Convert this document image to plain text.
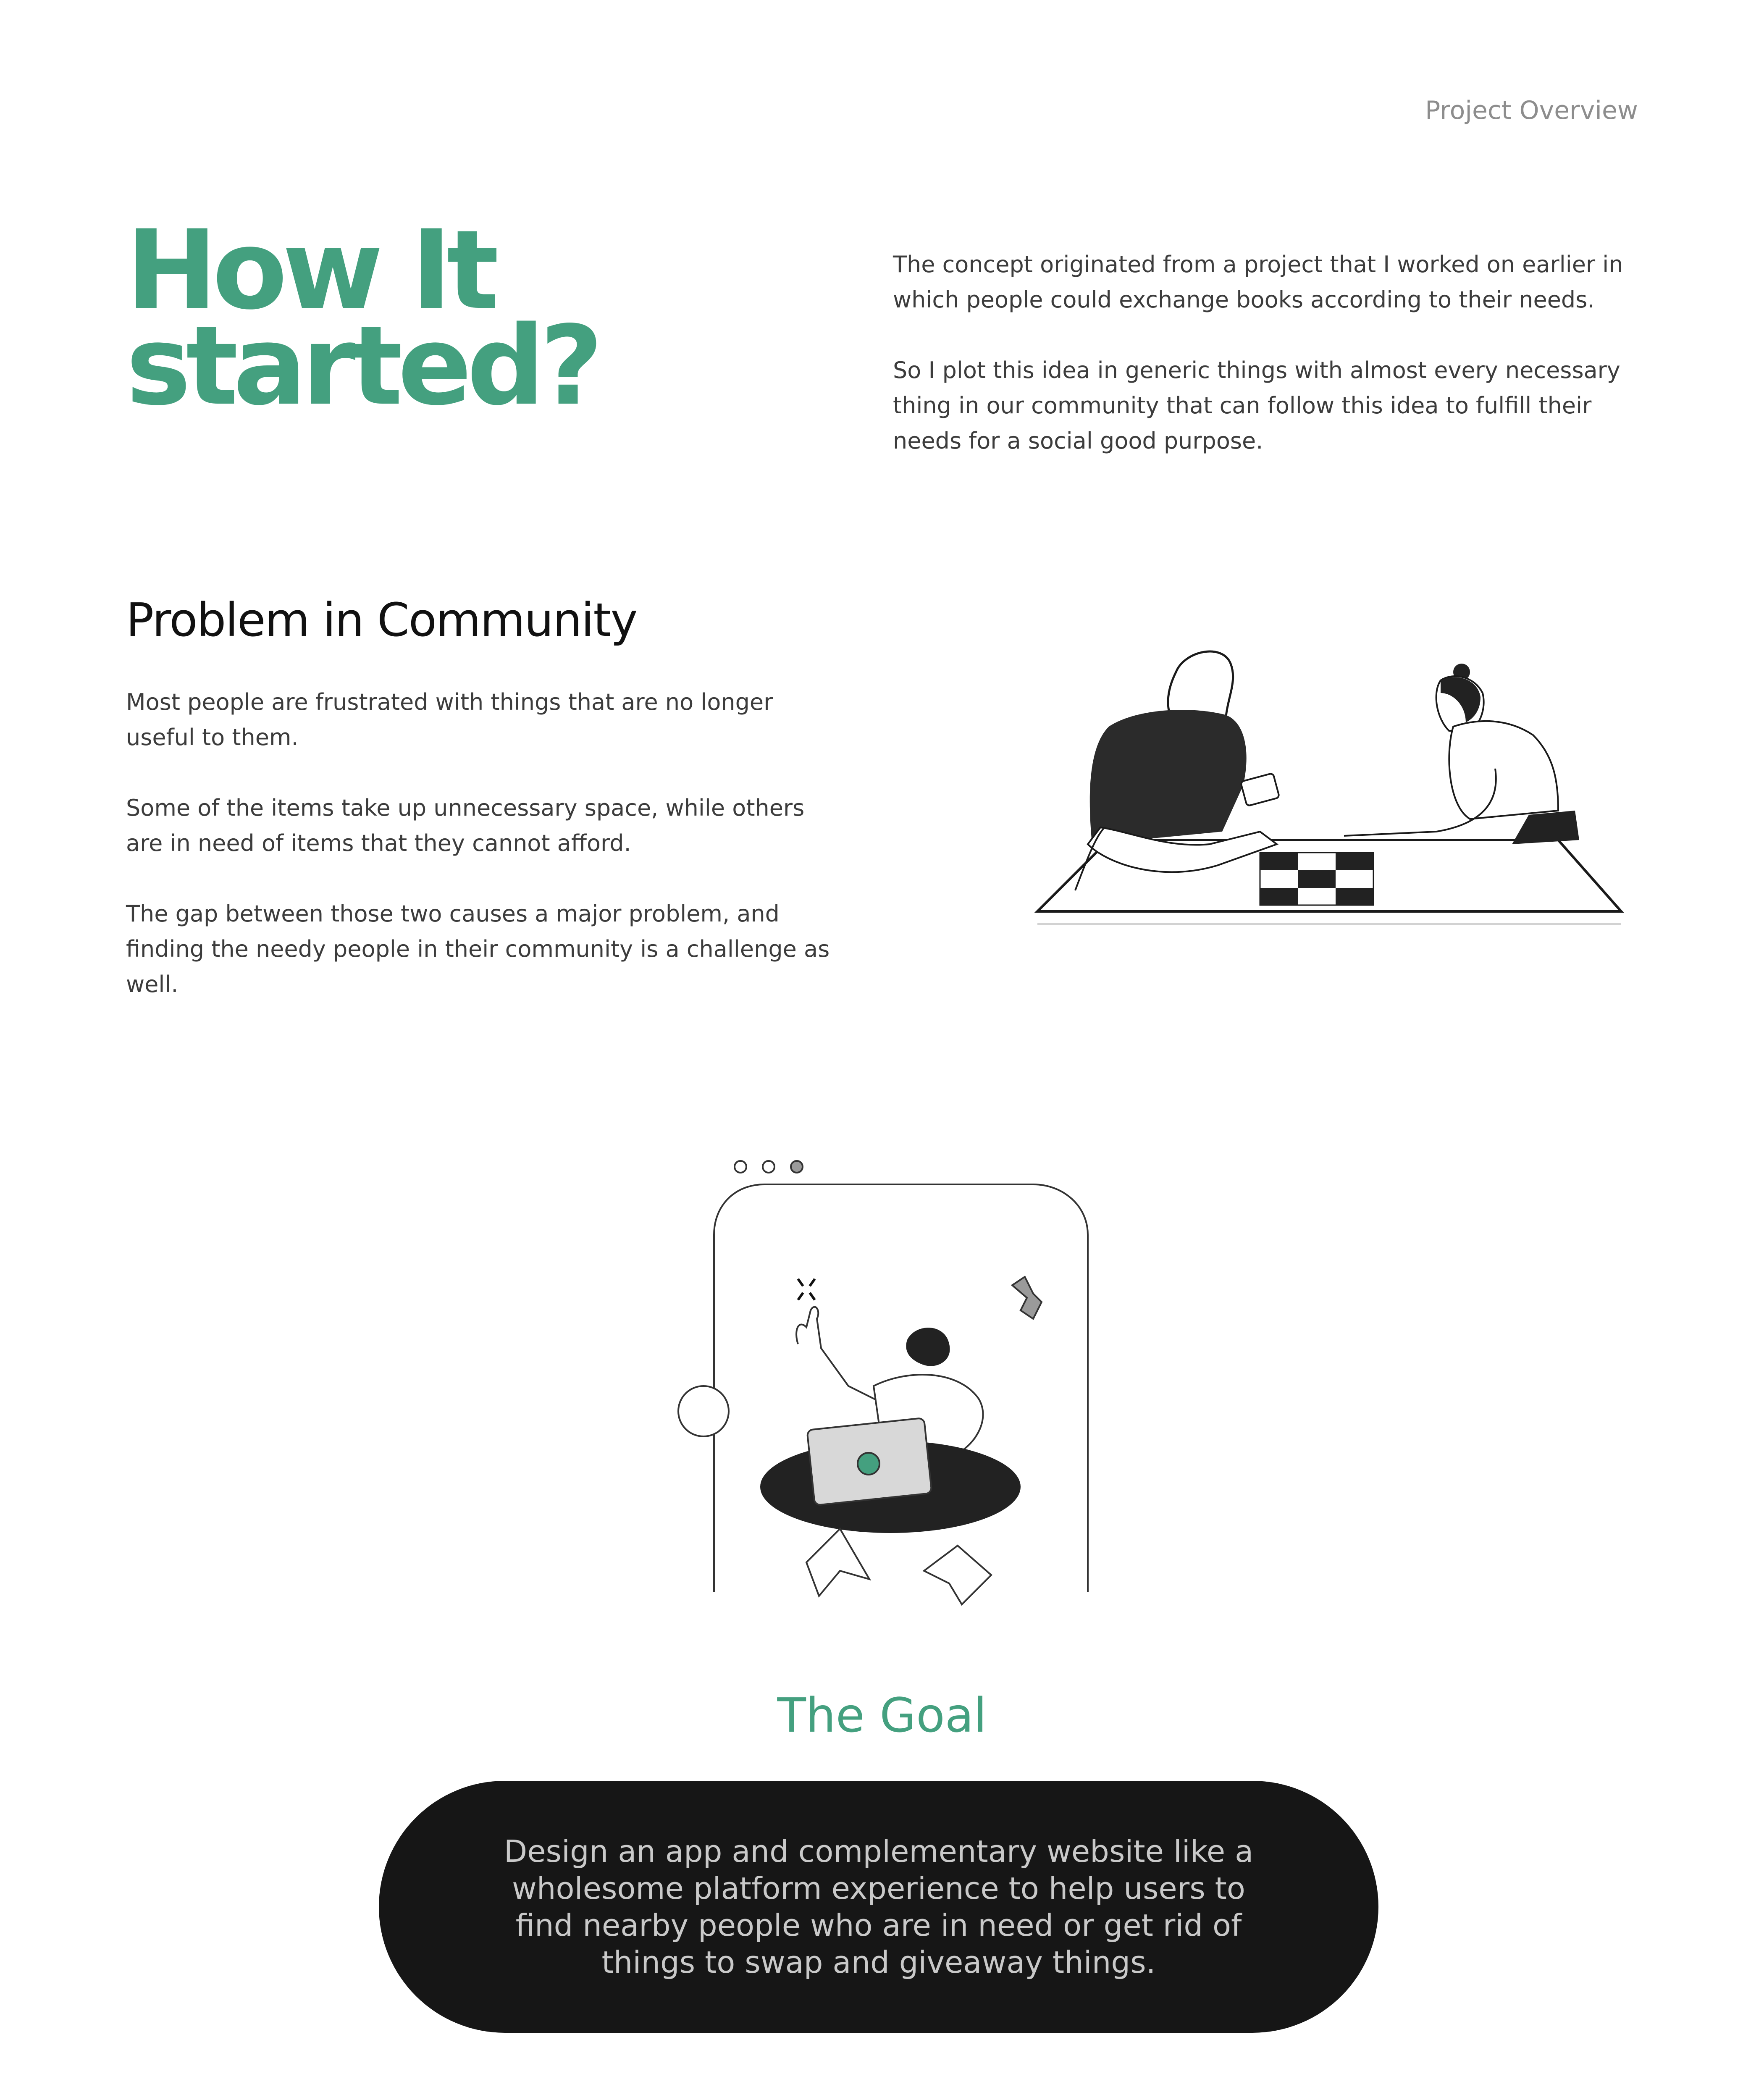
Project Overview
How It
started?

The concept originated from a project that I worked on earlier in which people could exchange books according to their needs.

So I plot this idea in generic things with almost every necessary thing in our community that can follow this idea to fulfill their needs for a social good purpose.

Problem in Community

Most people are frustrated with things that are no longer useful to them.

Some of the items take up unnecessary space, while others are in need of items that they cannot afford.

The gap between those two causes a major problem, and finding the needy people in their community is a challenge as well.

The Goal

Design an app and complementary website like a wholesome platform experience to help users to find nearby people who are in need or get rid of things to swap and giveaway things.
